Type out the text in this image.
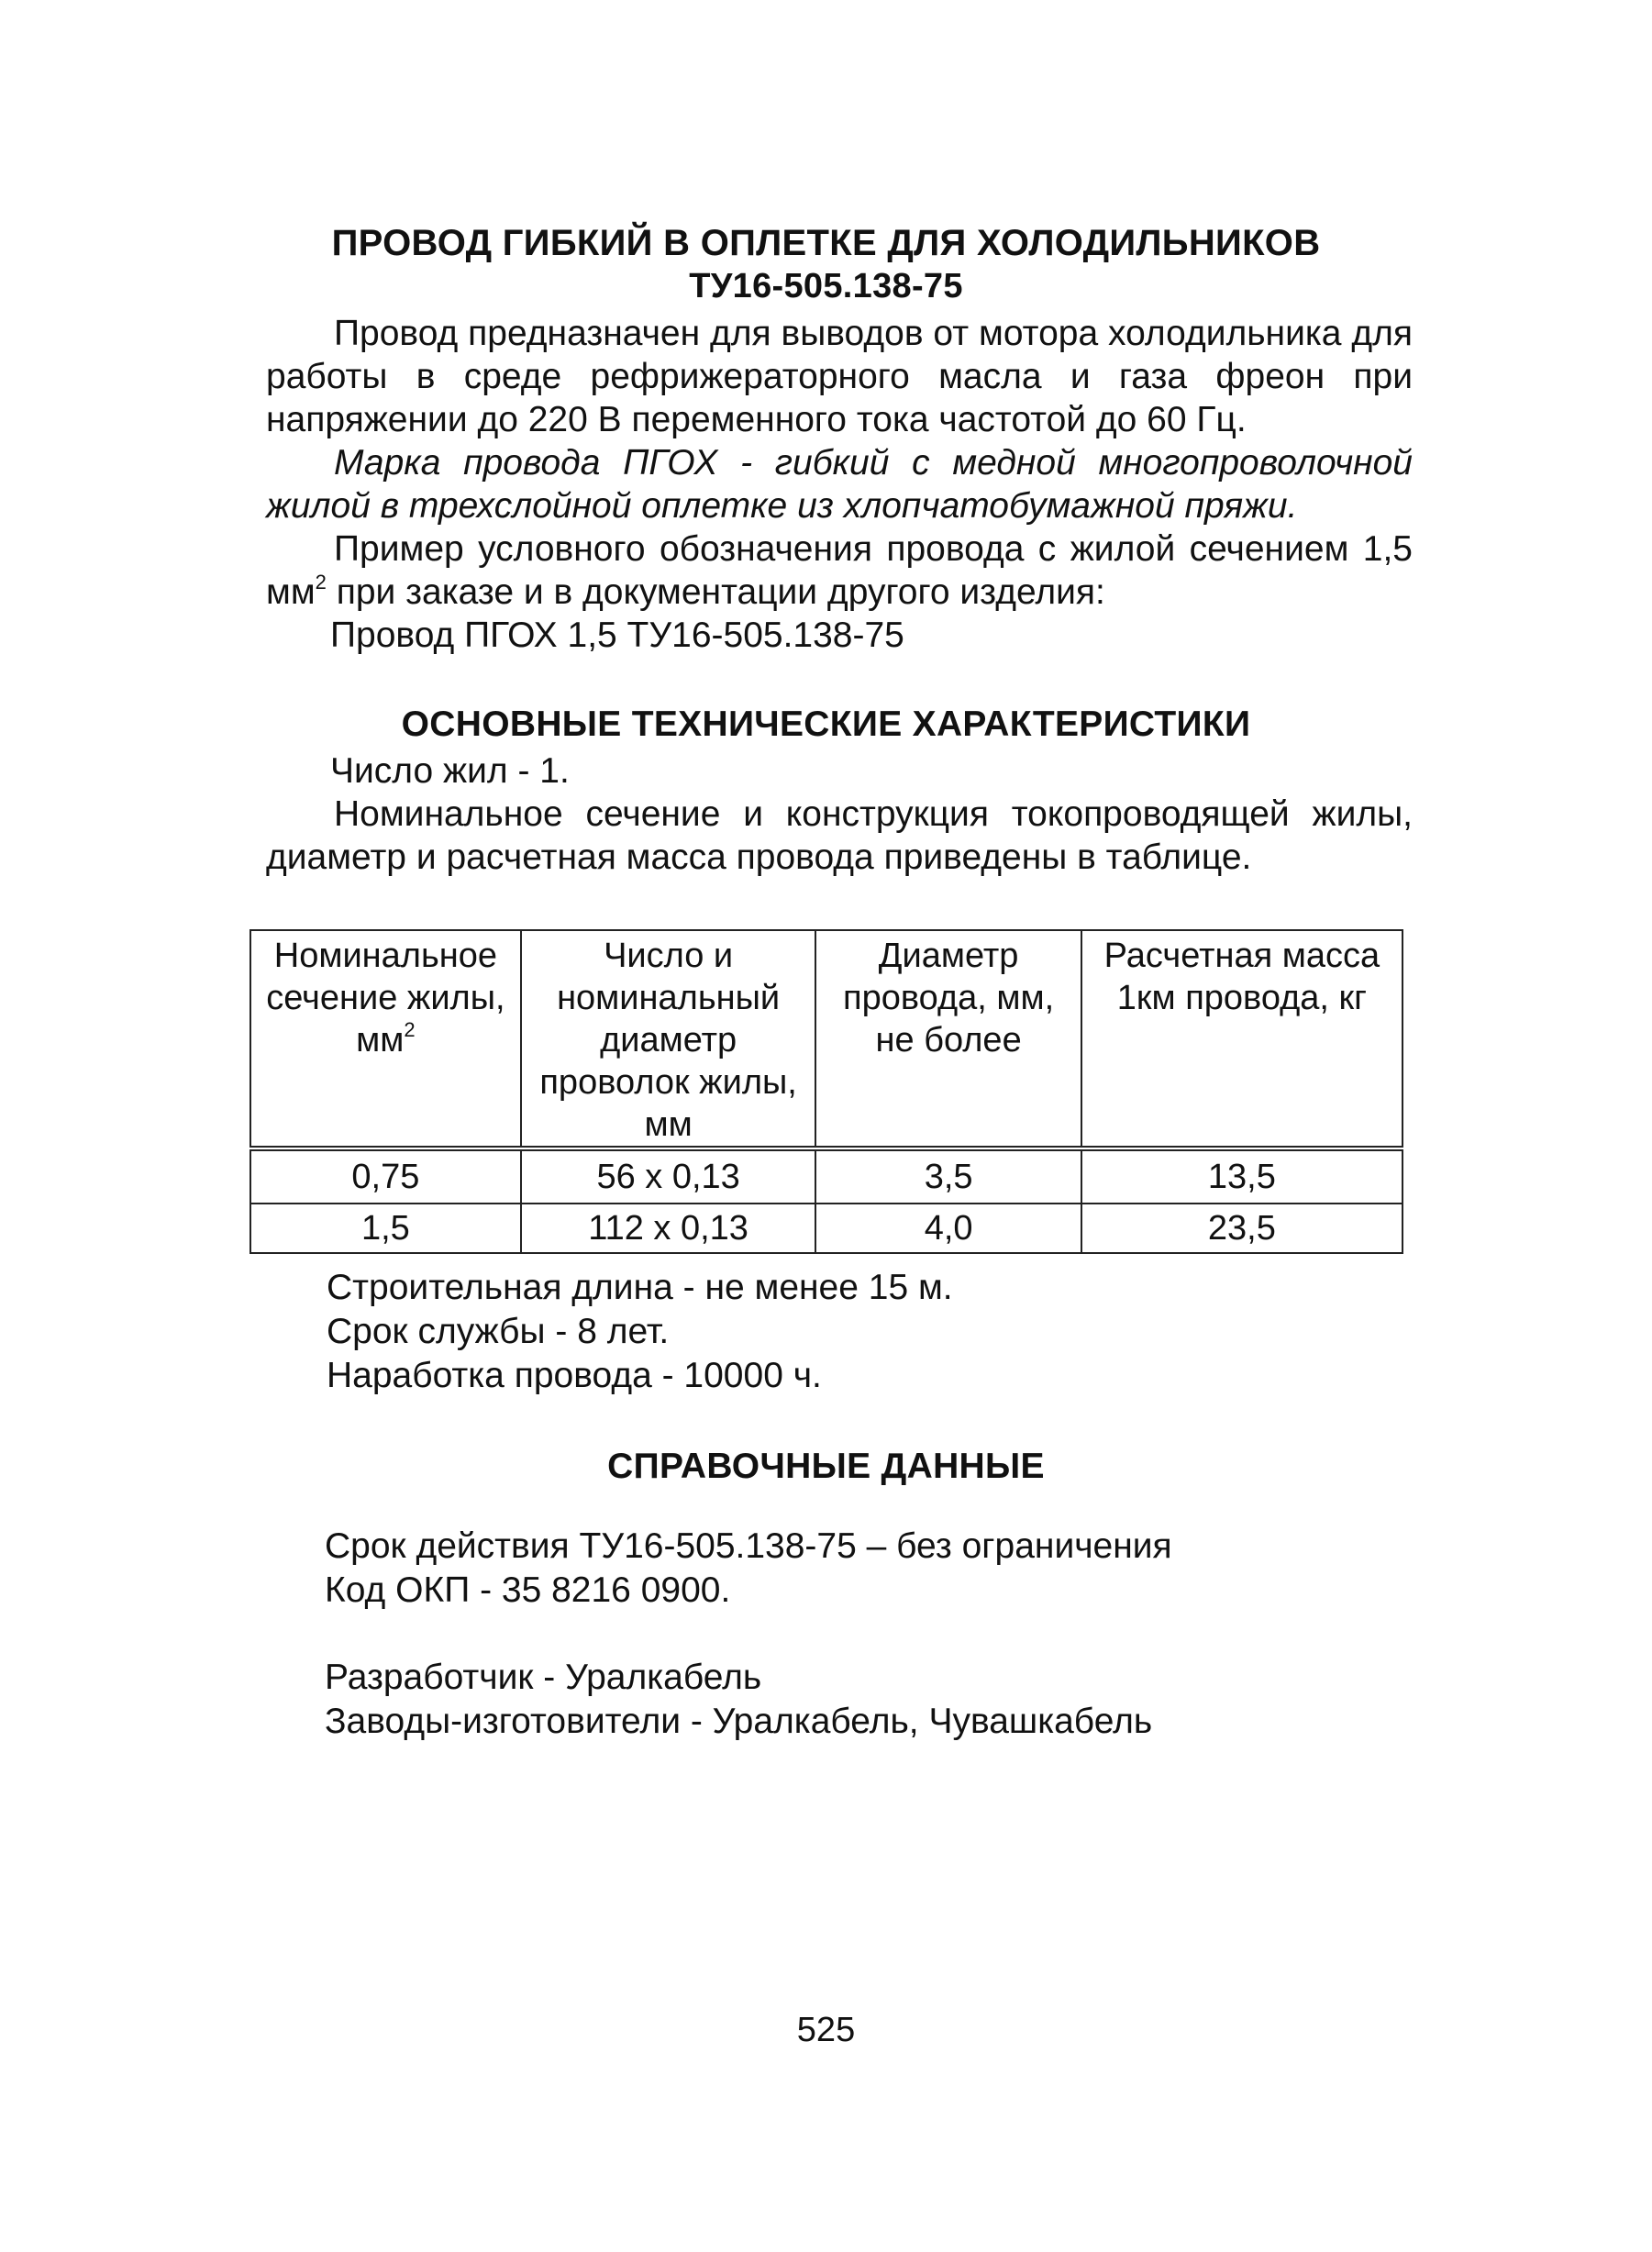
ПРОВОД ГИБКИЙ В ОПЛЕТКЕ ДЛЯ ХОЛОДИЛЬНИКОВ
ТУ16-505.138-75

Провод предназначен для выводов от мотора холодильника для работы в среде рефрижераторного масла и газа фреон при напряжении до 220 В переменного тока частотой до 60 Гц.

Марка провода ПГОХ - гибкий с медной многопроволочной жилой в трехслойной оплетке из хлопчатобумажной пряжи.

Пример условного обозначения провода с жилой сечением 1,5 $мм^2$ при заказе и в документации другого изделия:

Провод ПГОХ 1,5 ТУ16-505.138-75
ОСНОВНЫЕ ТЕХНИЧЕСКИЕ ХАРАКТЕРИСТИКИ
Число жил - 1.

Номинальное сечение и конструкция токопроводящей жилы, диаметр и расчетная масса провода приведены в таблице.

Номинальное сечение жилы, $мм^2$	Число и номинальный диаметр проволок жилы, мм	Диаметр провода, мм, не более	Расчетная масса 1км провода, кг
0,75	56 х 0,13	3,5	13,5
1,5	112 х 0,13	4,0	23,5
Строительная длина - не менее 15 м.
Срок службы - 8 лет.
Наработка провода - 10000 ч.
СПРАВОЧНЫЕ ДАННЫЕ
Срок действия ТУ16-505.138-75 – без ограничения
Код ОКП - 35 8216 0900.
Разработчик - Уралкабель
Заводы-изготовители - Уралкабель, Чувашкабель
525
